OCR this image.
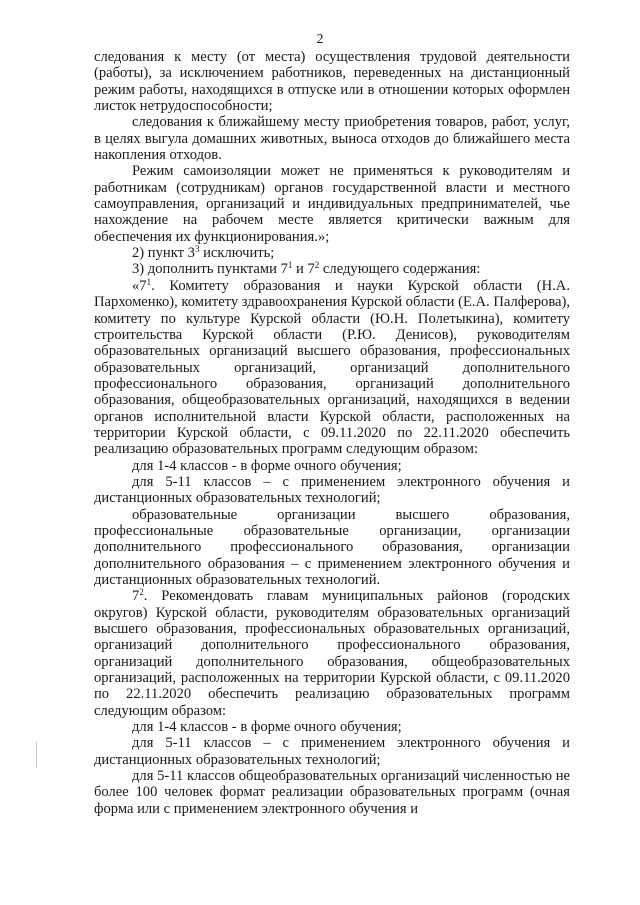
2

следования к месту (от места) осуществления трудовой деятельности (работы), за исключением работников, переведенных на дистанционный режим работы, находящихся в отпуске или в отношении которых оформлен листок нетрудоспособности;

следования к ближайшему месту приобретения товаров, работ, услуг, в целях выгула домашних животных, выноса отходов до ближайшего места накопления отходов.

Режим самоизоляции может не применяться к руководителям и работникам (сотрудникам) органов государственной власти и местного самоуправления, организаций и индивидуальных предпринимателей, чье нахождение на рабочем месте является критически важным для обеспечения их функционирования.»;

2) пункт $3^3$ исключить;

3) дополнить пунктами $7^1$ и $7^2$ следующего содержания:

«$7^1$. Комитету образования и науки Курской области (Н.А. Пархоменко), комитету здравоохранения Курской области (Е.А. Палферова), комитету по культуре Курской области (Ю.Н. Полетыкина), комитету строительства Курской области (Р.Ю. Денисов), руководителям образовательных организаций высшего образования, профессиональных образовательных организаций, организаций дополнительного профессионального образования, организаций дополнительного образования, общеобразовательных организаций, находящихся в ведении органов исполнительной власти Курской области, расположенных на территории Курской области, с 09.11.2020 по 22.11.2020 обеспечить реализацию образовательных программ следующим образом:

для 1-4 классов - в форме очного обучения;

для 5-11 классов – с применением электронного обучения и дистанционных образовательных технологий;

образовательные организации высшего образования, профессиональные образовательные организации, организации дополнительного профессионального образования, организации дополнительного образования – с применением электронного обучения и дистанционных образовательных технологий.

$7^2$. Рекомендовать главам муниципальных районов (городских округов) Курской области, руководителям образовательных организаций высшего образования, профессиональных образовательных организаций, организаций дополнительного профессионального образования, организаций дополнительного образования, общеобразовательных организаций, расположенных на территории Курской области, с 09.11.2020 по 22.11.2020 обеспечить реализацию образовательных программ следующим образом:

для 1-4 классов - в форме очного обучения;

для 5-11 классов – с применением электронного обучения и дистанционных образовательных технологий;

для 5-11 классов общеобразовательных организаций численностью не более 100 человек формат реализации образовательных программ (очная форма или с применением электронного обучения и
